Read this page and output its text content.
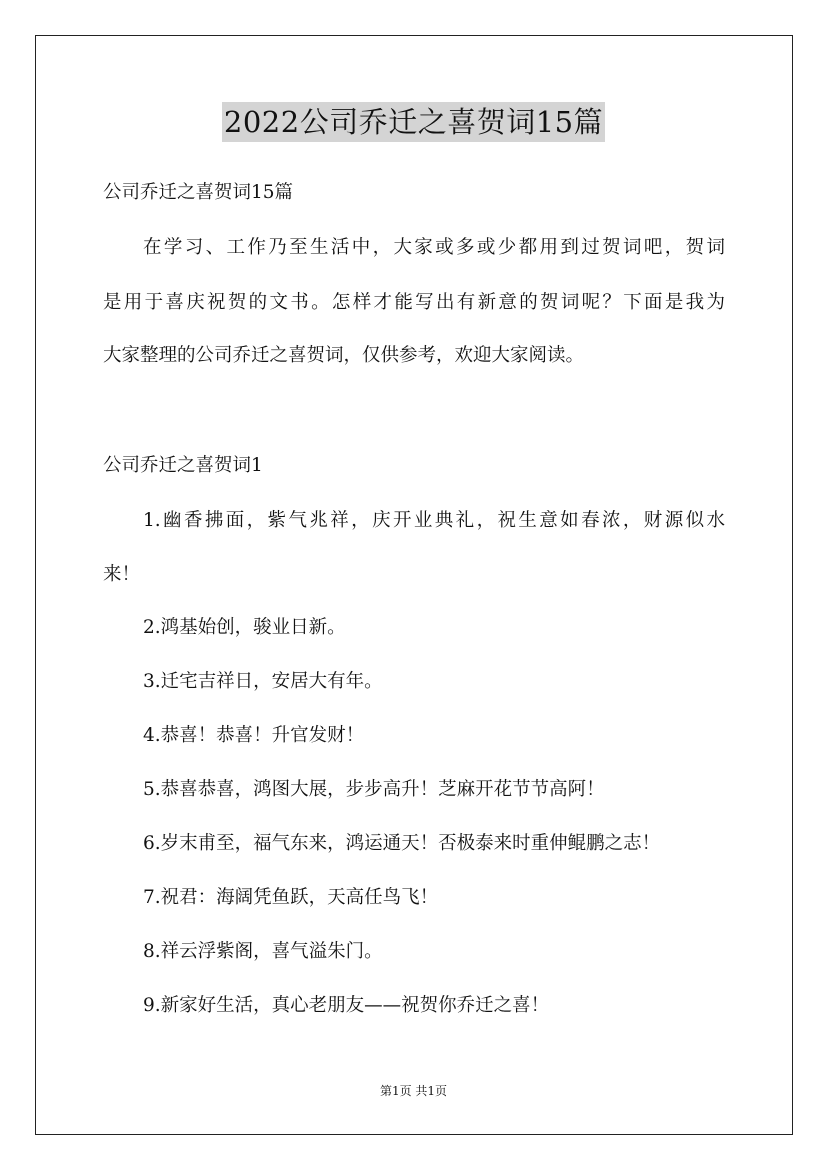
2022公司乔迁之喜贺词15篇
公司乔迁之喜贺词15篇
在学习、工作乃至生活中，大家或多或少都用到过贺词吧，贺词
是用于喜庆祝贺的文书。怎样才能写出有新意的贺词呢？下面是我为
大家整理的公司乔迁之喜贺词，仅供参考，欢迎大家阅读。
公司乔迁之喜贺词1
1.幽香拂面，紫气兆祥，庆开业典礼，祝生意如春浓，财源似水
来！
2.鸿基始创，骏业日新。
3.迁宅吉祥日，安居大有年。
4.恭喜！恭喜！升官发财！
5.恭喜恭喜，鸿图大展，步步高升！芝麻开花节节高阿！
6.岁末甫至，福气东来，鸿运通天！否极泰来时重伸鲲鹏之志！
7.祝君：海阔凭鱼跃，天高任鸟飞！
8.祥云浮紫阁，喜气溢朱门。
9.新家好生活，真心老朋友——祝贺你乔迁之喜！
第1页 共1页
